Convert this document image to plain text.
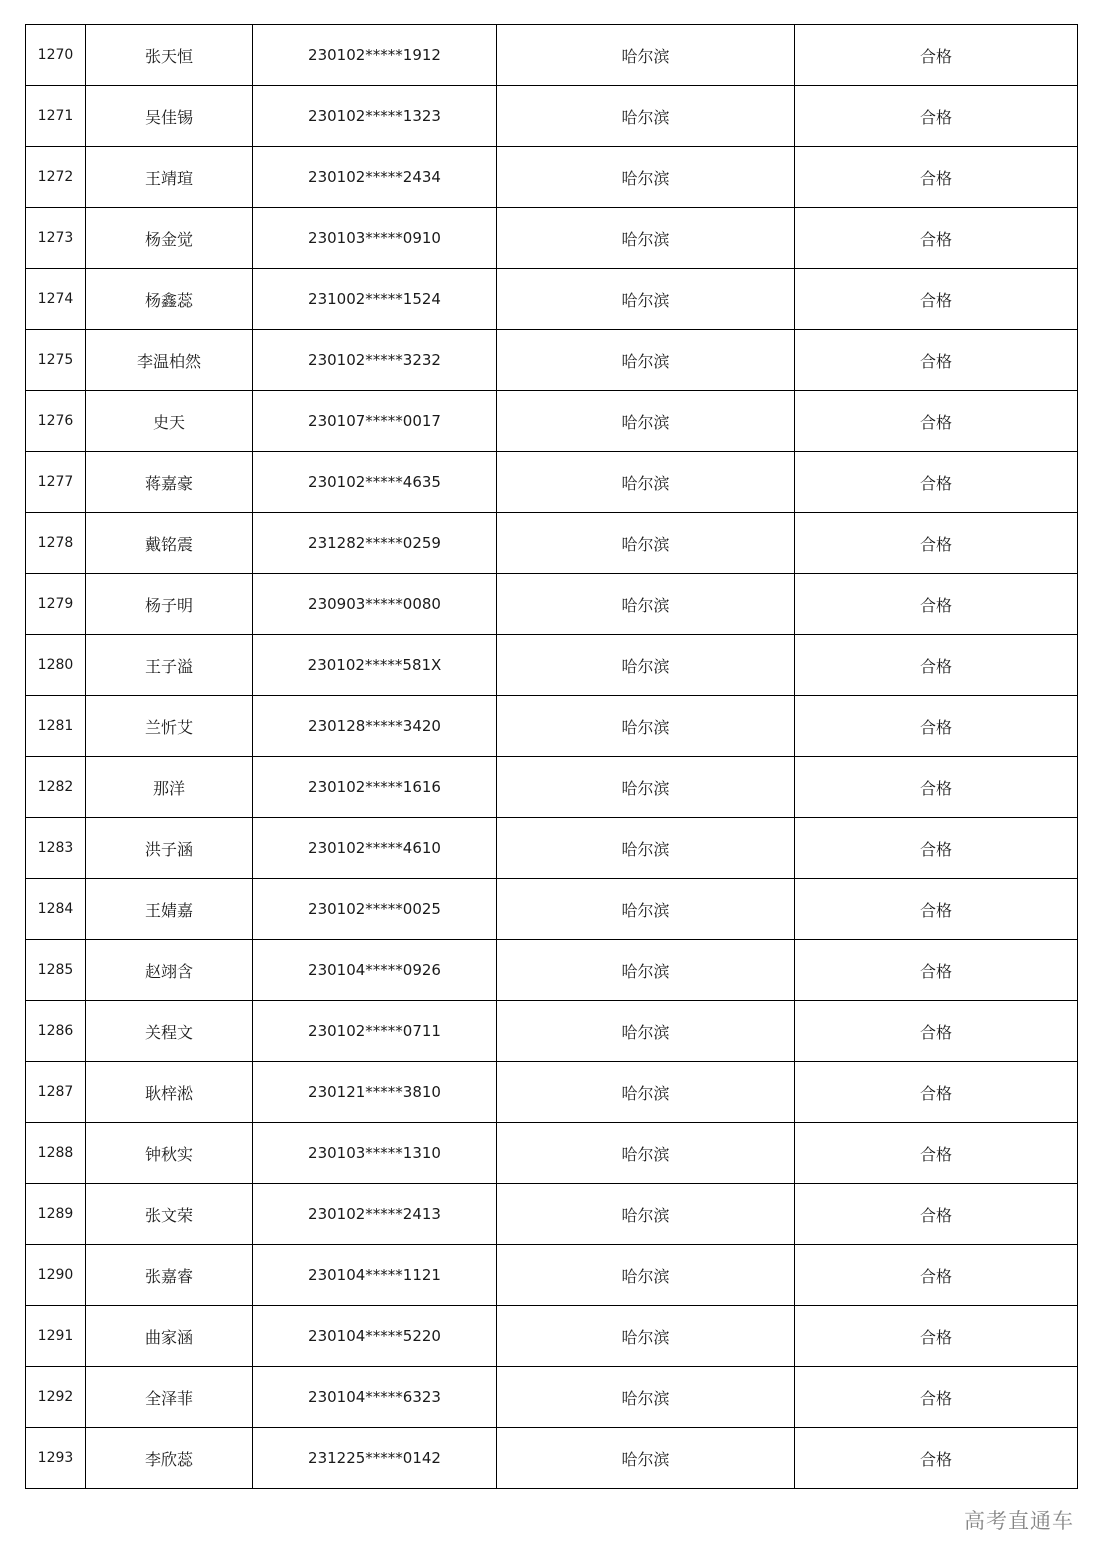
1270	张天恒	230102*****1912	哈尔滨	合格
1271	吴佳锡	230102*****1323	哈尔滨	合格
1272	王靖瑄	230102*****2434	哈尔滨	合格
1273	杨金觉	230103*****0910	哈尔滨	合格
1274	杨鑫蕊	231002*****1524	哈尔滨	合格
1275	李温柏然	230102*****3232	哈尔滨	合格
1276	史天	230107*****0017	哈尔滨	合格
1277	蒋嘉豪	230102*****4635	哈尔滨	合格
1278	戴铭震	231282*****0259	哈尔滨	合格
1279	杨子明	230903*****0080	哈尔滨	合格
1280	王子溢	230102*****581X	哈尔滨	合格
1281	兰忻艾	230128*****3420	哈尔滨	合格
1282	那洋	230102*****1616	哈尔滨	合格
1283	洪子涵	230102*****4610	哈尔滨	合格
1284	王婧嘉	230102*****0025	哈尔滨	合格
1285	赵翊含	230104*****0926	哈尔滨	合格
1286	关程文	230102*****0711	哈尔滨	合格
1287	耿梓淞	230121*****3810	哈尔滨	合格
1288	钟秋实	230103*****1310	哈尔滨	合格
1289	张文荣	230102*****2413	哈尔滨	合格
1290	张嘉睿	230104*****1121	哈尔滨	合格
1291	曲家涵	230104*****5220	哈尔滨	合格
1292	全泽菲	230104*****6323	哈尔滨	合格
1293	李欣蕊	231225*****0142	哈尔滨	合格
高考直通车
